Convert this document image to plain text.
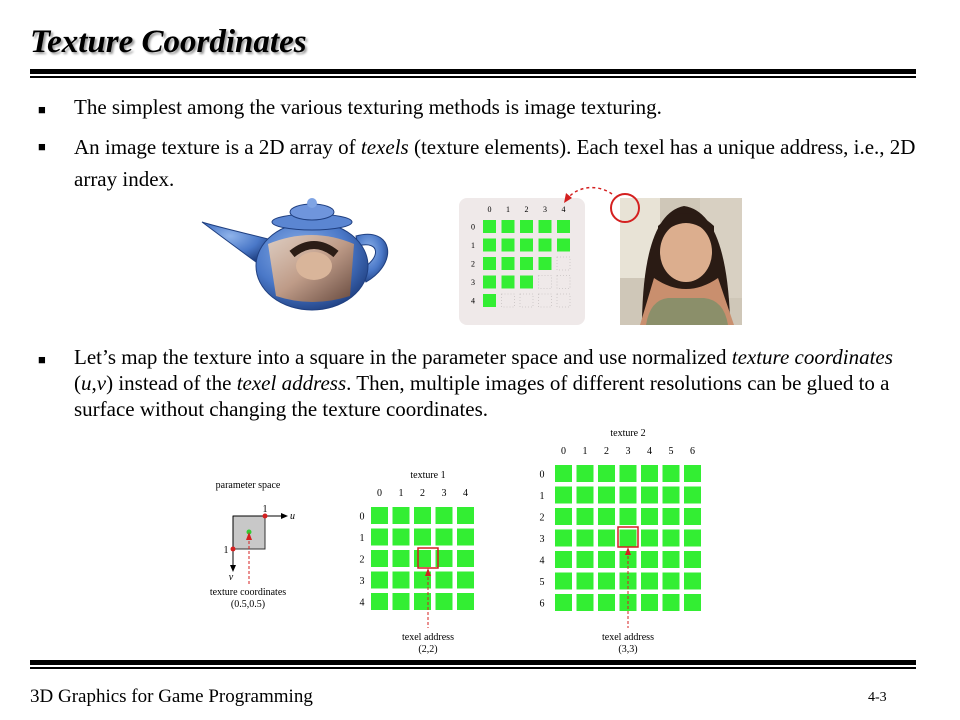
Texture Coordinates
■	The simplest among the various texturing methods is image texturing.
■	An image texture is a 2D array of texels (texture elements). Each texel has a unique address, i.e., 2D array index.
■	Let’s map the texture into a square in the parameter space and use normalized texture coordinates (u,v) instead of the texel address. Then, multiple images of different resolutions can be glued to a surface without changing the texture coordinates.
0 1 2 3 4
0
1
2
3
4
parameter space
u
v
1
1
texture coordinates
(0.5,0.5)
texture 1
0 1 2 3 4
0
1
2
3
4
texel address
(2,2)
texture 2
0 1 2 3 4 5 6
0
1
2
3
4
5
6
texel address
(3,3)
3D Graphics for Game Programming	4-3
